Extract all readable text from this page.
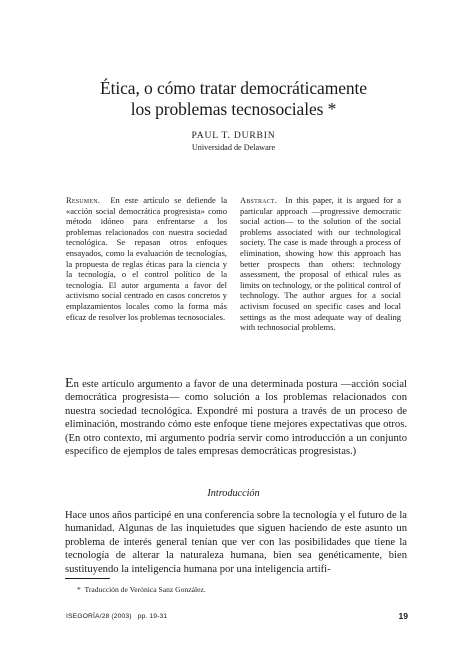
Ética, o cómo tratar democráticamente
los problemas tecnosociales *
PAUL T. DURBIN
Universidad de Delaware
Resumen. En este artículo se defiende la «acción social democrática progresista» como método idóneo para enfrentarse a los problemas relacionados con nuestra sociedad tecnológica. Se repasan otros enfoques ensayados, como la evaluación de tecnologías, la propuesta de reglas éticas para la ciencia y la tecnología, o el control político de la tecnología. El autor argumenta a favor del activismo social centrado en casos concretos y emplazamientos locales como la forma más eficaz de resolver los problemas tecnosociales.
Abstract. In this paper, it is argued for a particular approach —progressive democratic social action— to the solution of the social problems associated with our technological society. The case is made through a process of elimination, showing how this approach has better prospects than others: technology assessment, the proposal of ethical rules as limits on technology, or the political control of technology. The author argues for a social activism focused on specific cases and local settings as the most adequate way of dealing with technosocial problems.
En este artículo argumento a favor de una determinada postura —acción social democrática progresista— como solución a los problemas relacionados con nuestra sociedad tecnológica. Expondré mi postura a través de un proceso de eliminación, mostrando cómo este enfoque tiene mejores expectativas que otros. (En otro contexto, mi argumento podría servir como introducción a un conjunto específico de ejemplos de tales empresas democráticas progresistas.)
Introducción
Hace unos años participé en una conferencia sobre la tecnología y el futuro de la humanidad. Algunas de las inquietudes que siguen haciendo de este asunto un problema de interés general tenían que ver con las posibilidades que tiene la tecnología de alterar la naturaleza humana, bien sea genéticamente, bien sustituyendo la inteligencia humana por una inteligencia artifi-
* Traducción de Verónica Sanz González.
ISEGORÍA/28 (2003) pp. 19-31	19
